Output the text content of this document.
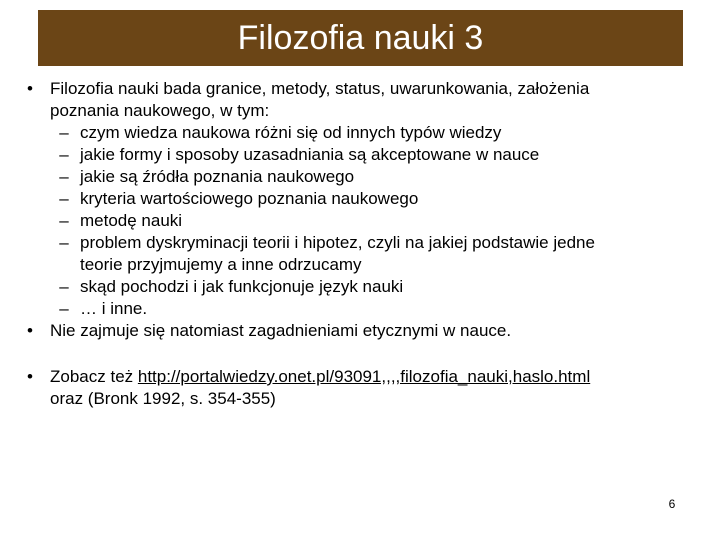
Filozofia nauki 3
•	Filozofia nauki bada granice, metody, status, uwarunkowania, założenia
poznania naukowego, w tym:
– czym wiedza naukowa różni się od innych typów wiedzy
– jakie formy i sposoby uzasadniania są akceptowane w nauce
– jakie są źródła poznania naukowego
– kryteria wartościowego poznania naukowego
– metodę nauki
– problem dyskryminacji teorii i hipotez, czyli na jakiej podstawie jedne
teorie przyjmujemy a inne odrzucamy
– skąd pochodzi i jak funkcjonuje język nauki
– … i inne.
•	Nie zajmuje się natomiast zagadnieniami etycznymi w nauce.
•	Zobacz też http://portalwiedzy.onet.pl/93091,,,,filozofia_nauki,haslo.html
oraz (Bronk 1992, s. 354-355)
6
